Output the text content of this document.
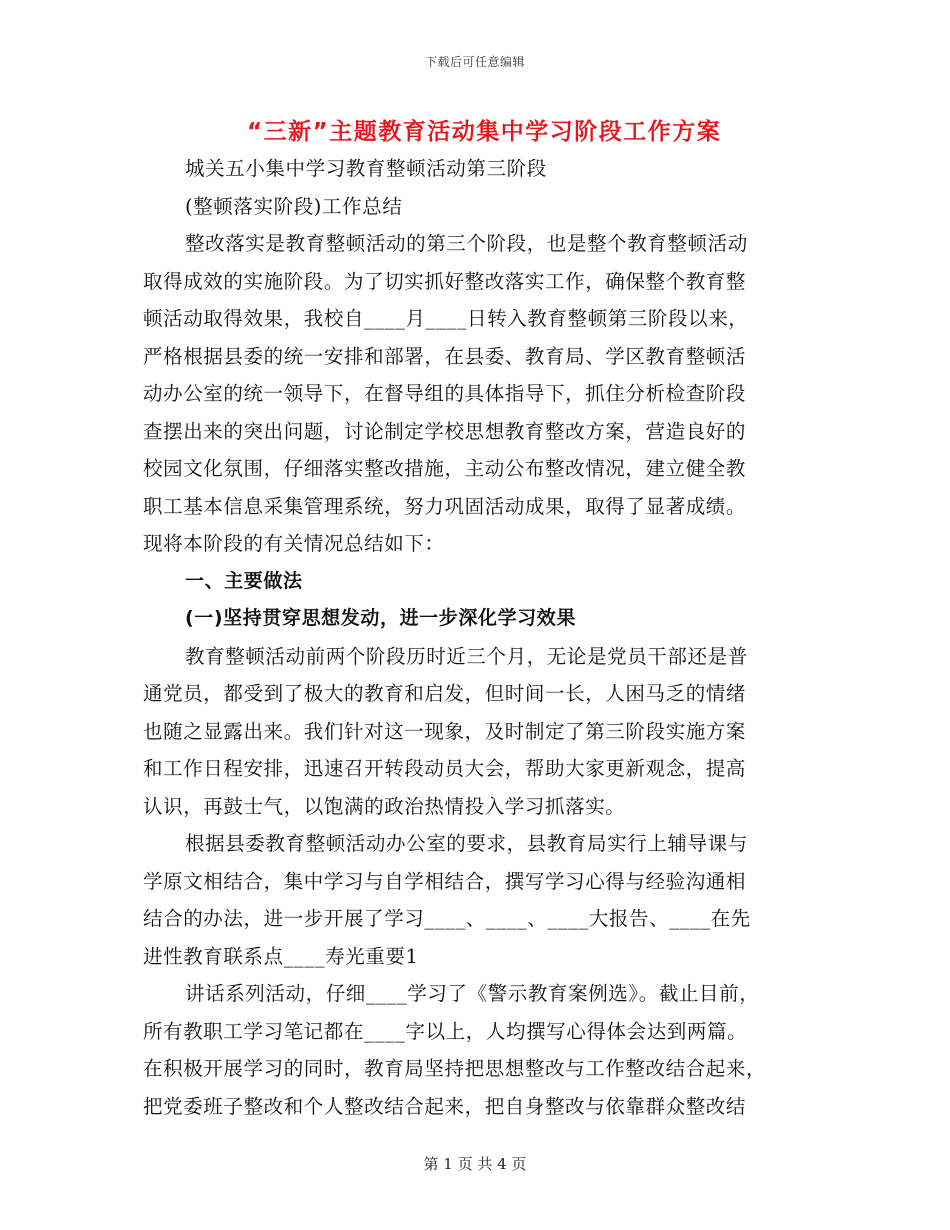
下载后可任意编辑
“三新”主题教育活动集中学习阶段工作方案
城关五小集中学习教育整顿活动第三阶段
(整顿落实阶段)工作总结
整改落实是教育整顿活动的第三个阶段，也是整个教育整顿活动
取得成效的实施阶段。为了切实抓好整改落实工作，确保整个教育整
顿活动取得效果，我校自____月____日转入教育整顿第三阶段以来，
严格根据县委的统一安排和部署，在县委、教育局、学区教育整顿活
动办公室的统一领导下，在督导组的具体指导下，抓住分析检查阶段
查摆出来的突出问题，讨论制定学校思想教育整改方案，营造良好的
校园文化氛围，仔细落实整改措施，主动公布整改情况，建立健全教
职工基本信息采集管理系统，努力巩固活动成果，取得了显著成绩。
现将本阶段的有关情况总结如下：
一、主要做法
(一)坚持贯穿思想发动，进一步深化学习效果
教育整顿活动前两个阶段历时近三个月，无论是党员干部还是普
通党员，都受到了极大的教育和启发，但时间一长，人困马乏的情绪
也随之显露出来。我们针对这一现象，及时制定了第三阶段实施方案
和工作日程安排，迅速召开转段动员大会，帮助大家更新观念，提高
认识，再鼓士气，以饱满的政治热情投入学习抓落实。
根据县委教育整顿活动办公室的要求，县教育局实行上辅导课与
学原文相结合，集中学习与自学相结合，撰写学习心得与经验沟通相
结合的办法，进一步开展了学习____、____、____大报告、____在先
进性教育联系点____寿光重要1
讲话系列活动，仔细____学习了《警示教育案例选》。截止目前，
所有教职工学习笔记都在____字以上，人均撰写心得体会达到两篇。
在积极开展学习的同时，教育局坚持把思想整改与工作整改结合起来，
把党委班子整改和个人整改结合起来，把自身整改与依靠群众整改结
第 1 页 共 4 页
